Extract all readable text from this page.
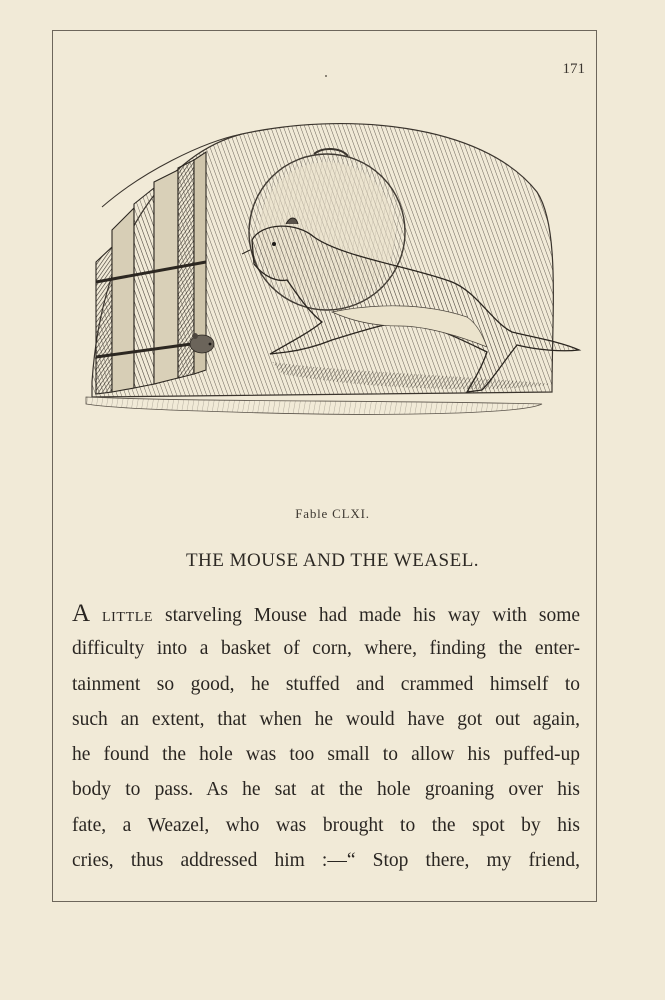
171
Fable CLXI.
THE MOUSE AND THE WEASEL.
A LITTLE starveling Mouse had made his way with some
difficulty into a basket of corn, where, finding the enter-
tainment so good, he stuffed and crammed himself to
such an extent, that when he would have got out again,
he found the hole was too small to allow his puffed-up
body to pass. As he sat at the hole groaning over his
fate, a Weazel, who was brought to the spot by his
cries, thus addressed him :—“ Stop there, my friend,
